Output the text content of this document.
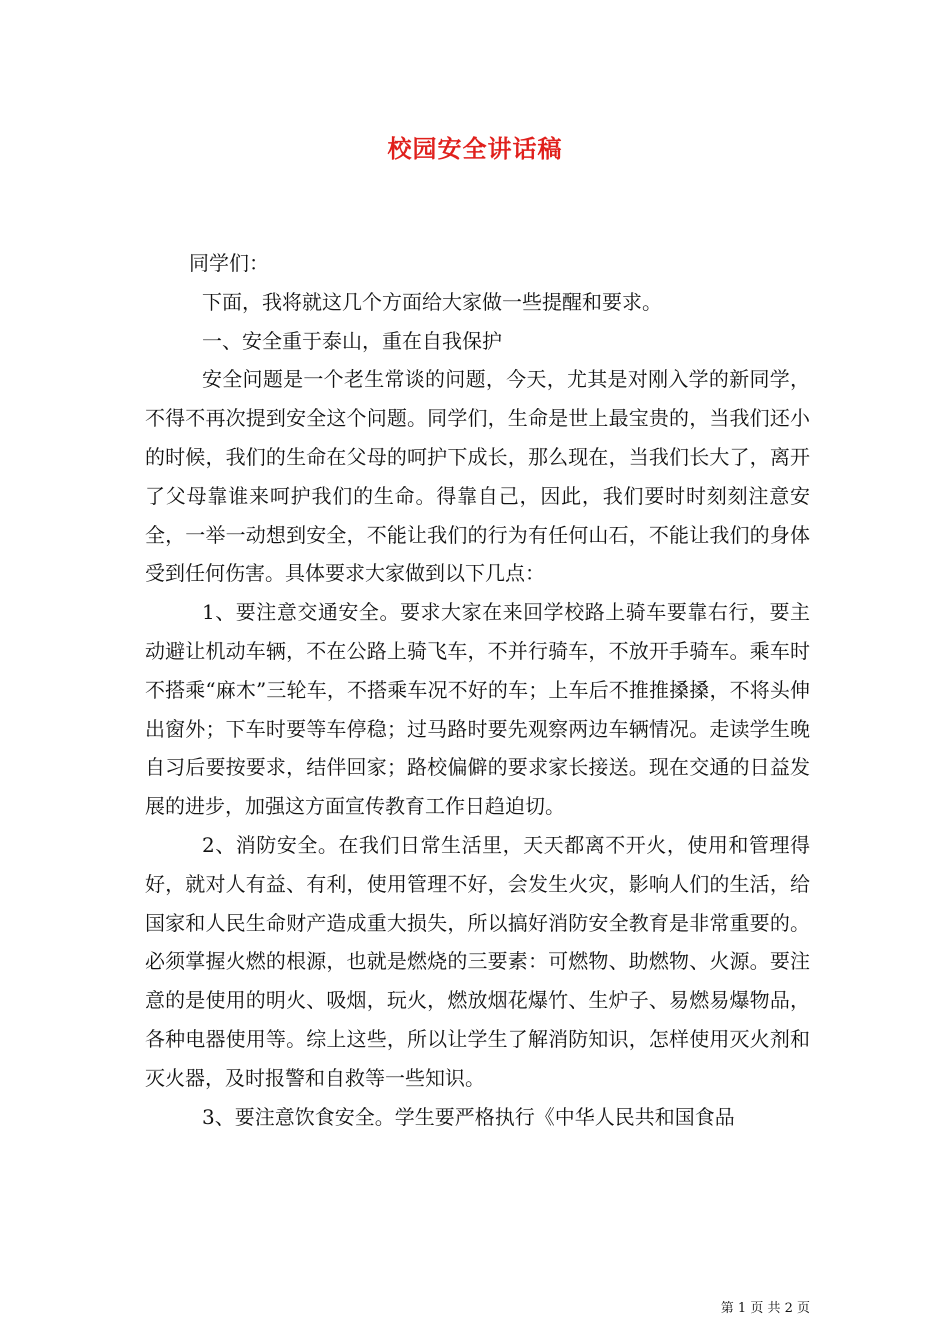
校园安全讲话稿

同学们：

下面，我将就这几个方面给大家做一些提醒和要求。

一、安全重于泰山，重在自我保护

安全问题是一个老生常谈的问题，今天，尤其是对刚入学的新同学，不得不再次提到安全这个问题。同学们，生命是世上最宝贵的，当我们还小的时候，我们的生命在父母的呵护下成长，那么现在，当我们长大了，离开了父母靠谁来呵护我们的生命。得靠自己，因此，我们要时时刻刻注意安全，一举一动想到安全，不能让我们的行为有任何山石，不能让我们的身体受到任何伤害。具体要求大家做到以下几点：

1、要注意交通安全。要求大家在来回学校路上骑车要靠右行，要主动避让机动车辆，不在公路上骑飞车，不并行骑车，不放开手骑车。乘车时不搭乘“麻木”三轮车，不搭乘车况不好的车；上车后不推推搡搡，不将头伸出窗外；下车时要等车停稳；过马路时要先观察两边车辆情况。走读学生晚自习后要按要求，结伴回家；路校偏僻的要求家长接送。现在交通的日益发展的进步，加强这方面宣传教育工作日趋迫切。

2、消防安全。在我们日常生活里，天天都离不开火，使用和管理得好，就对人有益、有利，使用管理不好，会发生火灾，影响人们的生活，给国家和人民生命财产造成重大损失，所以搞好消防安全教育是非常重要的。必须掌握火燃的根源，也就是燃烧的三要素：可燃物、助燃物、火源。要注意的是使用的明火、吸烟，玩火，燃放烟花爆竹、生炉子、易燃易爆物品，各种电器使用等。综上这些，所以让学生了解消防知识，怎样使用灭火剂和灭火器，及时报警和自救等一些知识。

3、要注意饮食安全。学生要严格执行《中华人民共和国食品

第 1 页 共 2 页
